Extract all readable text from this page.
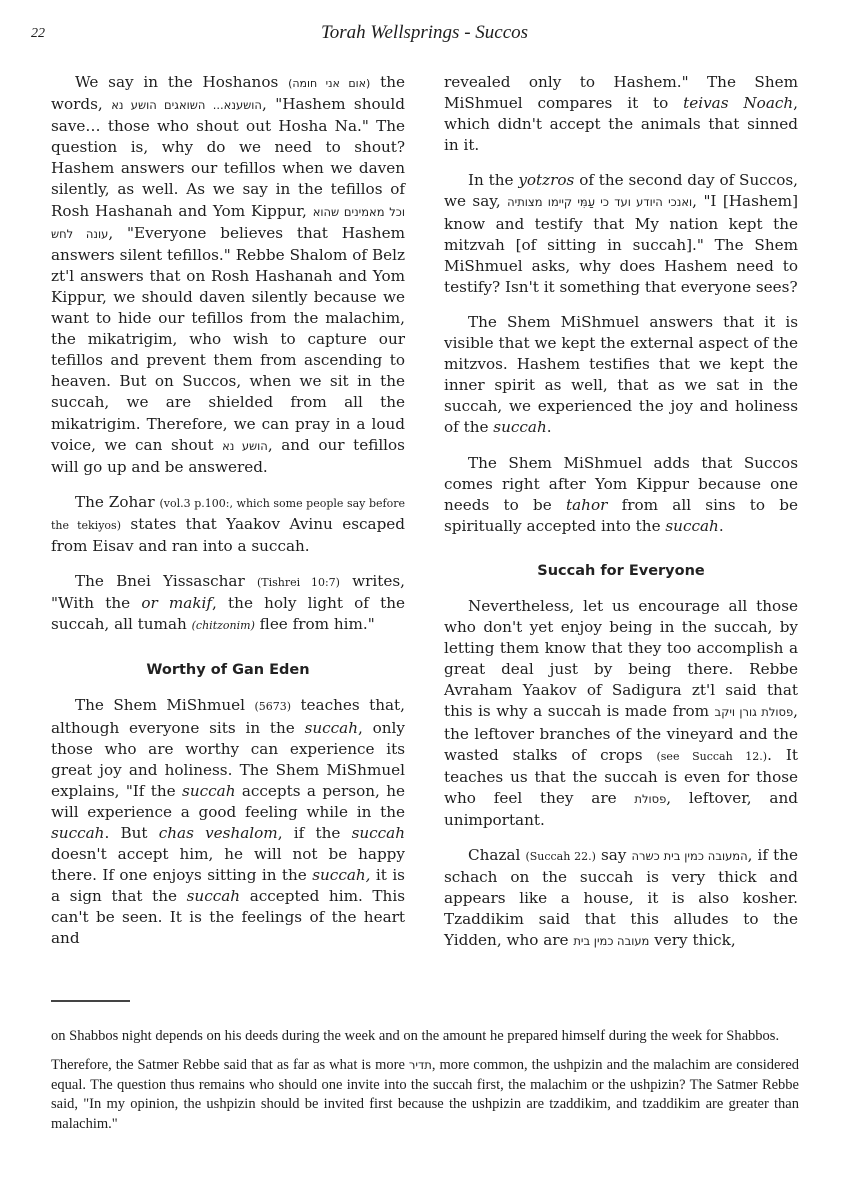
22	Torah Wellsprings - Succos

We say in the Hoshanos (אום אני חומה) the words, הושענא... השואגים הושע נא, "Hashem should save… those who shout out Hosha Na." The question is, why do we need to shout? Hashem answers our tefillos when we daven silently, as well. As we say in the tefillos of Rosh Hashanah and Yom Kippur, וכל מאמינים שהוא עונה לחש, "Everyone believes that Hashem answers silent tefillos." Rebbe Shalom of Belz zt'l answers that on Rosh Hashanah and Yom Kippur, we should daven silently because we want to hide our tefillos from the malachim, the mikatrigim, who wish to capture our tefillos and prevent them from ascending to heaven. But on Succos, when we sit in the succah, we are shielded from all the mikatrigim. Therefore, we can pray in a loud voice, we can shout הושע נא, and our tefillos will go up and be answered.

The Zohar (vol.3 p.100:, which some people say before the tekiyos) states that Yaakov Avinu escaped from Eisav and ran into a succah.

The Bnei Yissaschar (Tishrei 10:7) writes, "With the or makif, the holy light of the succah, all tumah (chitzonim) flee from him."

Worthy of Gan Eden

The Shem MiShmuel (5673) teaches that, although everyone sits in the succah, only those who are worthy can experience its great joy and holiness. The Shem MiShmuel explains, "If the succah accepts a person, he will experience a good feeling while in the succah. But chas veshalom, if the succah doesn't accept him, he will not be happy there. If one enjoys sitting in the succah, it is a sign that the succah accepted him. This can't be seen. It is the feelings of the heart and

revealed only to Hashem." The Shem MiShmuel compares it to teivas Noach, which didn't accept the animals that sinned in it.

In the yotzros of the second day of Succos, we say, ואנכי היודע ועד כי עַמִּי קיימו מצותיה, "I [Hashem] know and testify that My nation kept the mitzvah [of sitting in succah]." The Shem MiShmuel asks, why does Hashem need to testify? Isn't it something that everyone sees?

The Shem MiShmuel answers that it is visible that we kept the external aspect of the mitzvos. Hashem testifies that we kept the inner spirit as well, that as we sat in the succah, we experienced the joy and holiness of the succah.

The Shem MiShmuel adds that Succos comes right after Yom Kippur because one needs to be tahor from all sins to be spiritually accepted into the succah.

Succah for Everyone

Nevertheless, let us encourage all those who don't yet enjoy being in the succah, by letting them know that they too accomplish a great deal just by being there. Rebbe Avraham Yaakov of Sadigura zt'l said that this is why a succah is made from פסולת גורן ויקב, the leftover branches of the vineyard and the wasted stalks of crops (see Succah 12.). It teaches us that the succah is even for those who feel they are פסולת, leftover, and unimportant.

Chazal (Succah 22.) say המעובה כמין בית כשרה, if the schach on the succah is very thick and appears like a house, it is also kosher. Tzaddikim said that this alludes to the Yidden, who are מעובה כמין בית very thick,

on Shabbos night depends on his deeds during the week and on the amount he prepared himself during the week for Shabbos.

Therefore, the Satmer Rebbe said that as far as what is more תדיר, more common, the ushpizin and the malachim are considered equal. The question thus remains who should one invite into the succah first, the malachim or the ushpizin? The Satmer Rebbe said, "In my opinion, the ushpizin should be invited first because the ushpizin are tzaddikim, and tzaddikim are greater than malachim."
